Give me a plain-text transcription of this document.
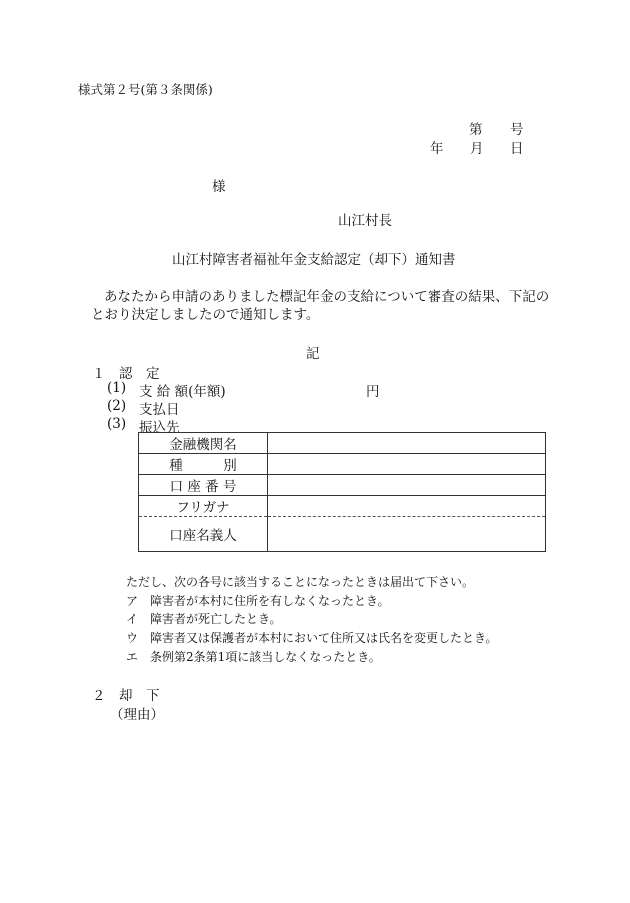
様式第２号(第３条関係)
第 号
年 月 日
様
山江村長
山江村障害者福祉年金支給認定（却下）通知書
あなたから申請のありました標記年金の支給について審査の結果、下記の
とおり決定しましたので通知します。
記
１　認　定
(1) 支 給 額(年額)	円
(2) 支払日
(3) 振込先
金融機関名	
種　　　別	
口 座 番 号	
フリガナ	
口座名義人	
ただし、次の各号に該当することになったときは届出て下さい。
ア 障害者が本村に住所を有しなくなったとき。
イ 障害者が死亡したとき。
ウ 障害者又は保護者が本村において住所又は氏名を変更したとき。
エ 条例第2条第1項に該当しなくなったとき。
２　却　下
（理由）
